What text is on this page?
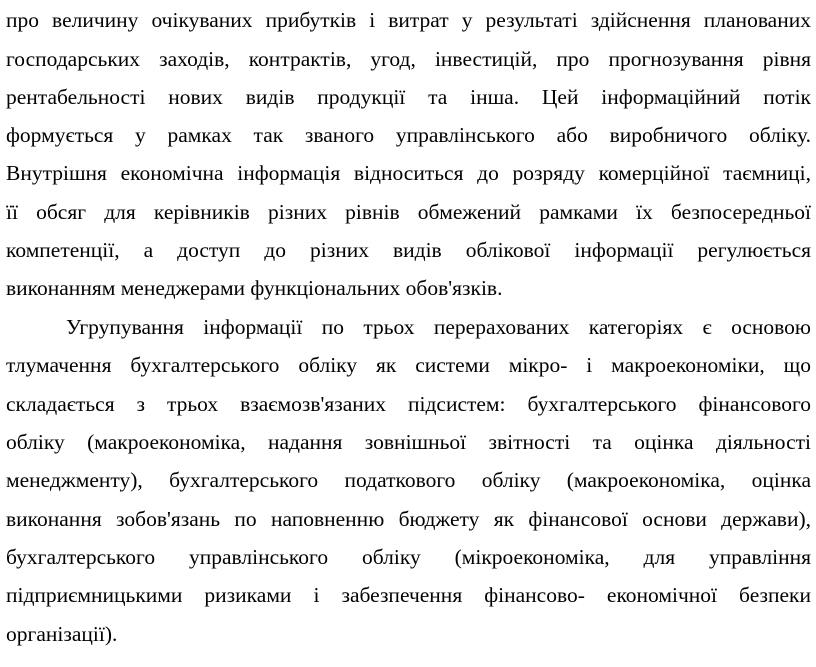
про величину очікуваних прибутків і витрат у результаті здійснення планованих
господарських заходів, контрактів, угод, інвестицій, про прогнозування рівня
рентабельності нових видів продукції та інша. Цей інформаційний потік
формується у рамках так званого управлінського або виробничого обліку.
Внутрішня економічна інформація відноситься до розряду комерційної таємниці,
її обсяг для керівників різних рівнів обмежений рамками їх безпосередньої
компетенції, а доступ до різних видів облікової інформації регулюється
виконанням менеджерами функціональних обов'язків.
Угрупування інформації по трьох перерахованих категоріях є основою
тлумачення бухгалтерського обліку як системи мікро- і макроекономіки, що
складається з трьох взаємозв'язаних підсистем: бухгалтерського фінансового
обліку (макроекономіка, надання зовнішньої звітності та оцінка діяльності
менеджменту), бухгалтерського податкового обліку (макроекономіка, оцінка
виконання зобов'язань по наповненню бюджету як фінансової основи держави),
бухгалтерського управлінського обліку (мікроекономіка, для управління
підприємницькими ризиками і забезпечення фінансово- економічної безпеки
організації).
